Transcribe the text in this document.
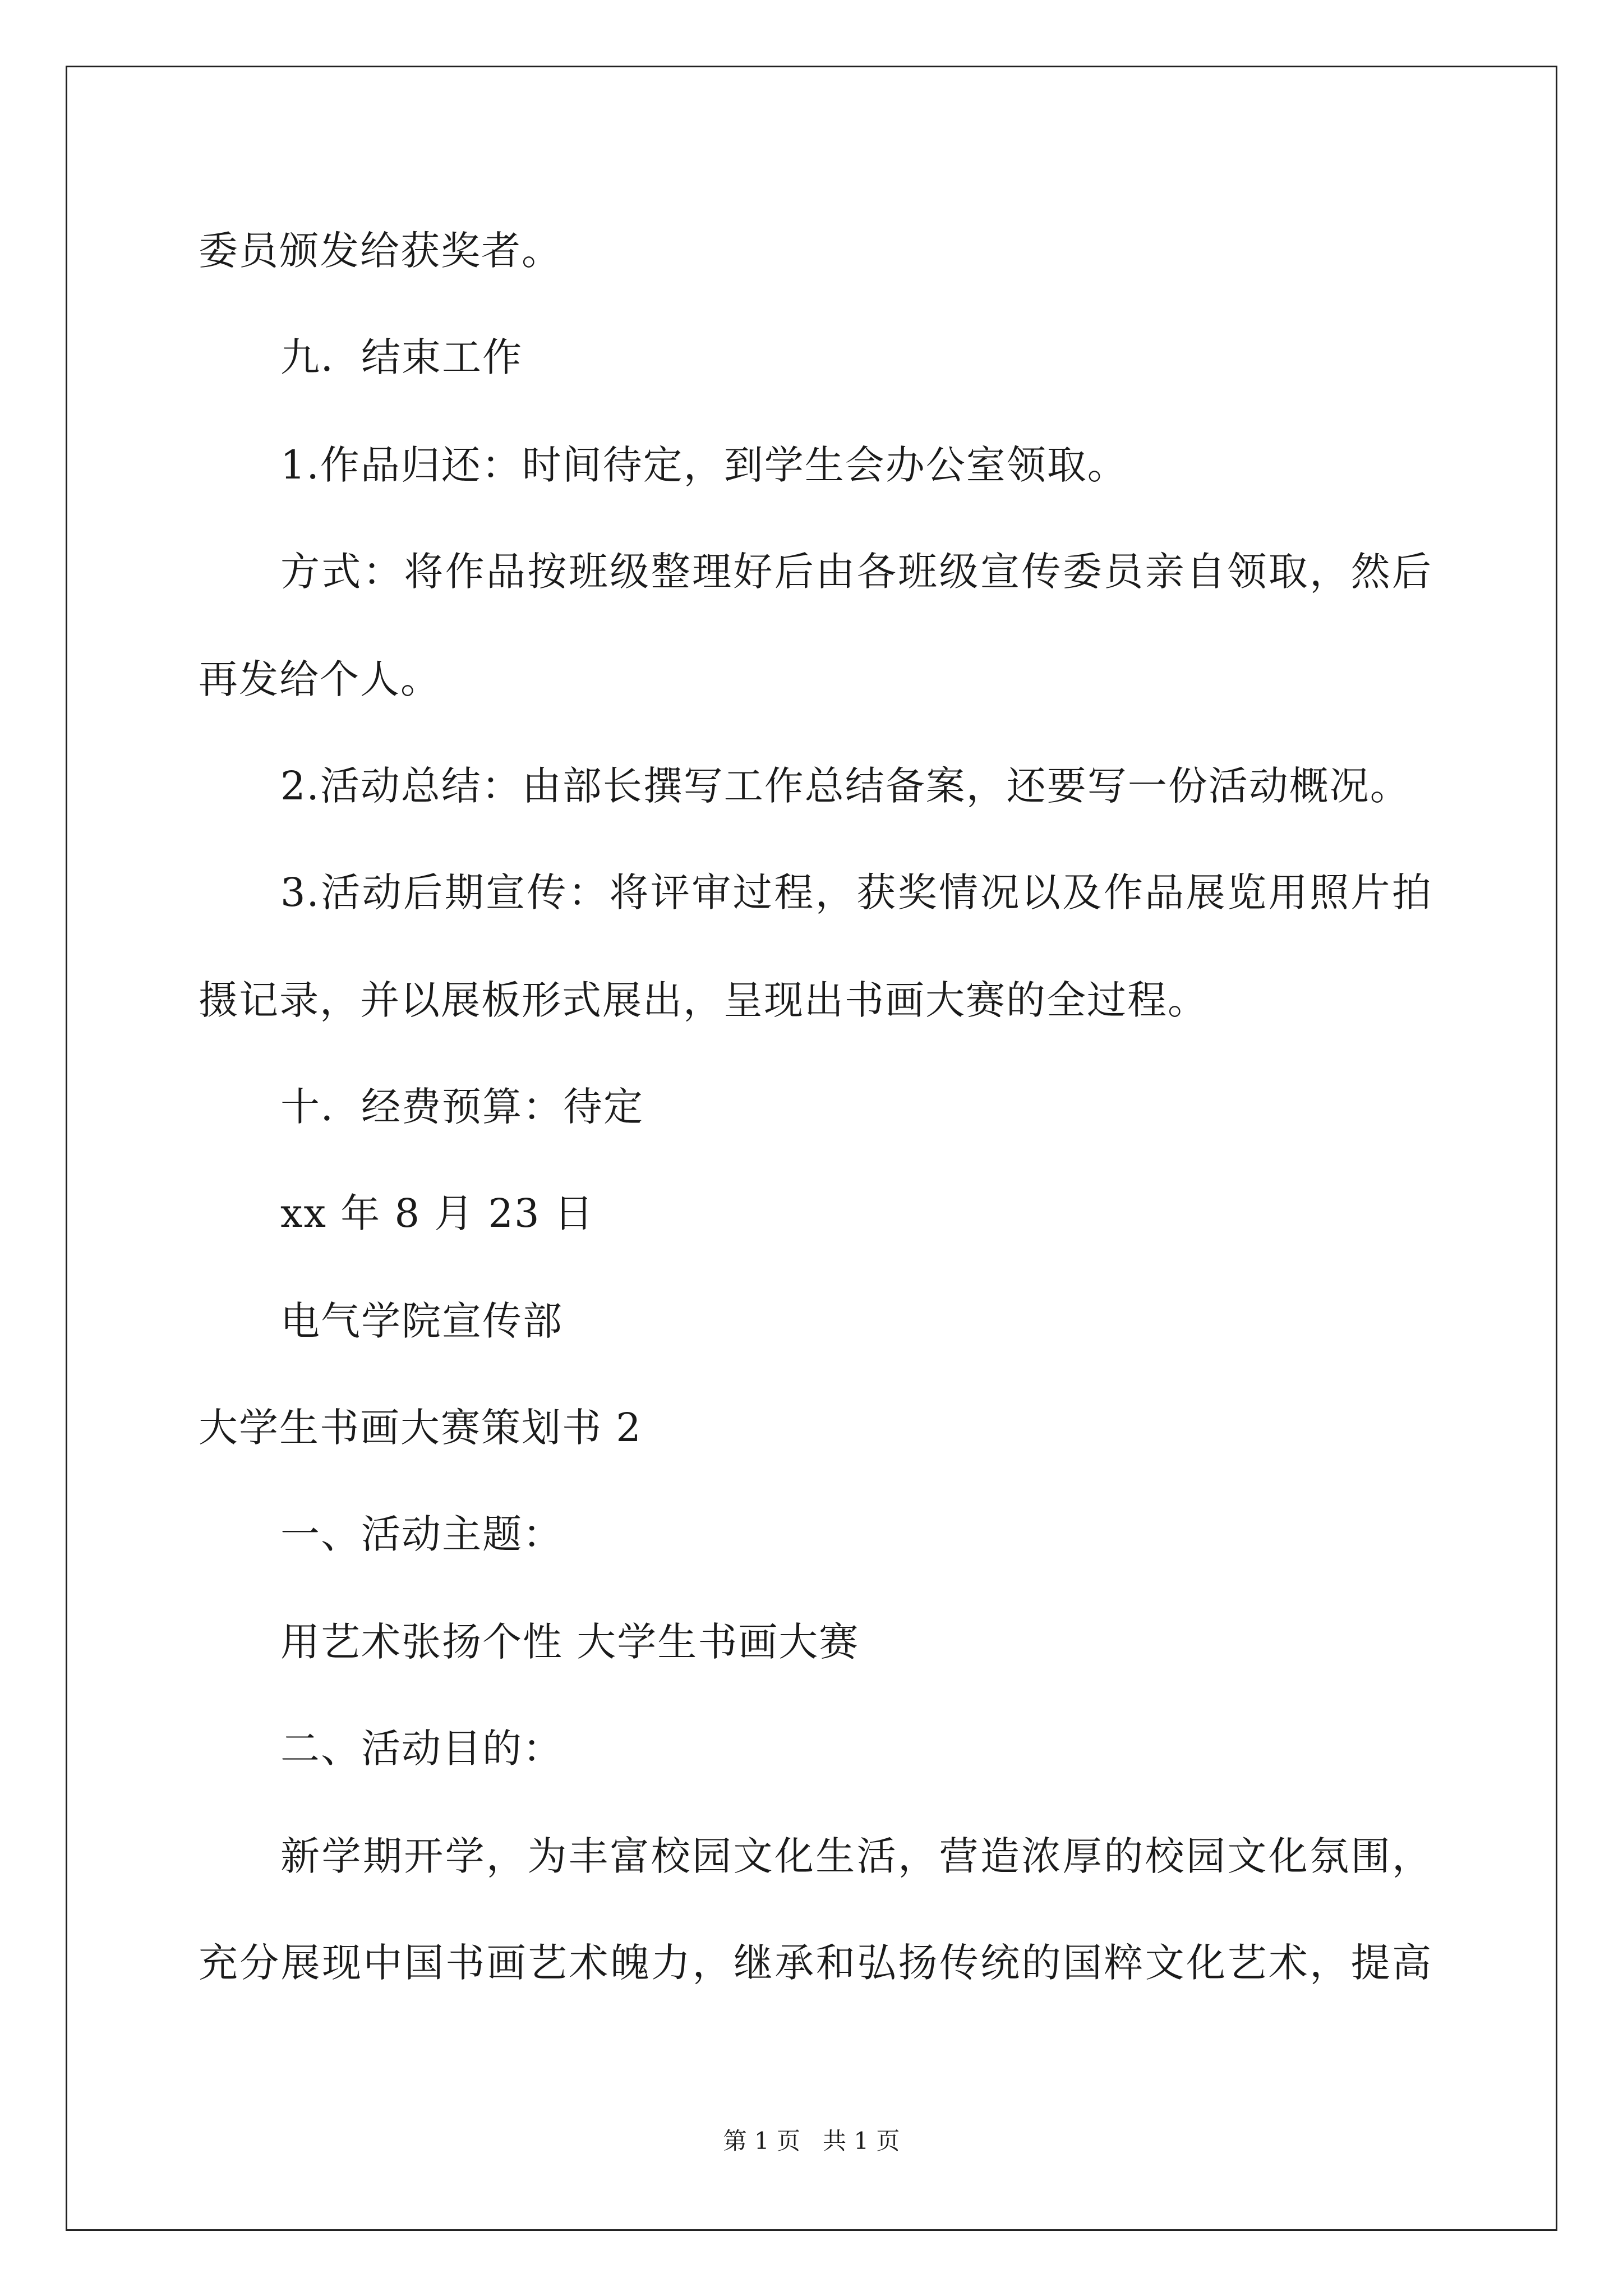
委员颁发给获奖者。
九．结束工作
1.作品归还：时间待定，到学生会办公室领取。
方式：将作品按班级整理好后由各班级宣传委员亲自领取，然后
再发给个人。
2.活动总结：由部长撰写工作总结备案，还要写一份活动概况。
3.活动后期宣传：将评审过程，获奖情况以及作品展览用照片拍
摄记录，并以展板形式展出，呈现出书画大赛的全过程。
十．经费预算：待定
xx 年 8 月 23 日
电气学院宣传部
大学生书画大赛策划书 2
一、活动主题：
用艺术张扬个性 大学生书画大赛
二、活动目的：
新学期开学，为丰富校园文化生活，营造浓厚的校园文化氛围，
充分展现中国书画艺术魄力，继承和弘扬传统的国粹文化艺术，提高
第 1 页 共 1 页
